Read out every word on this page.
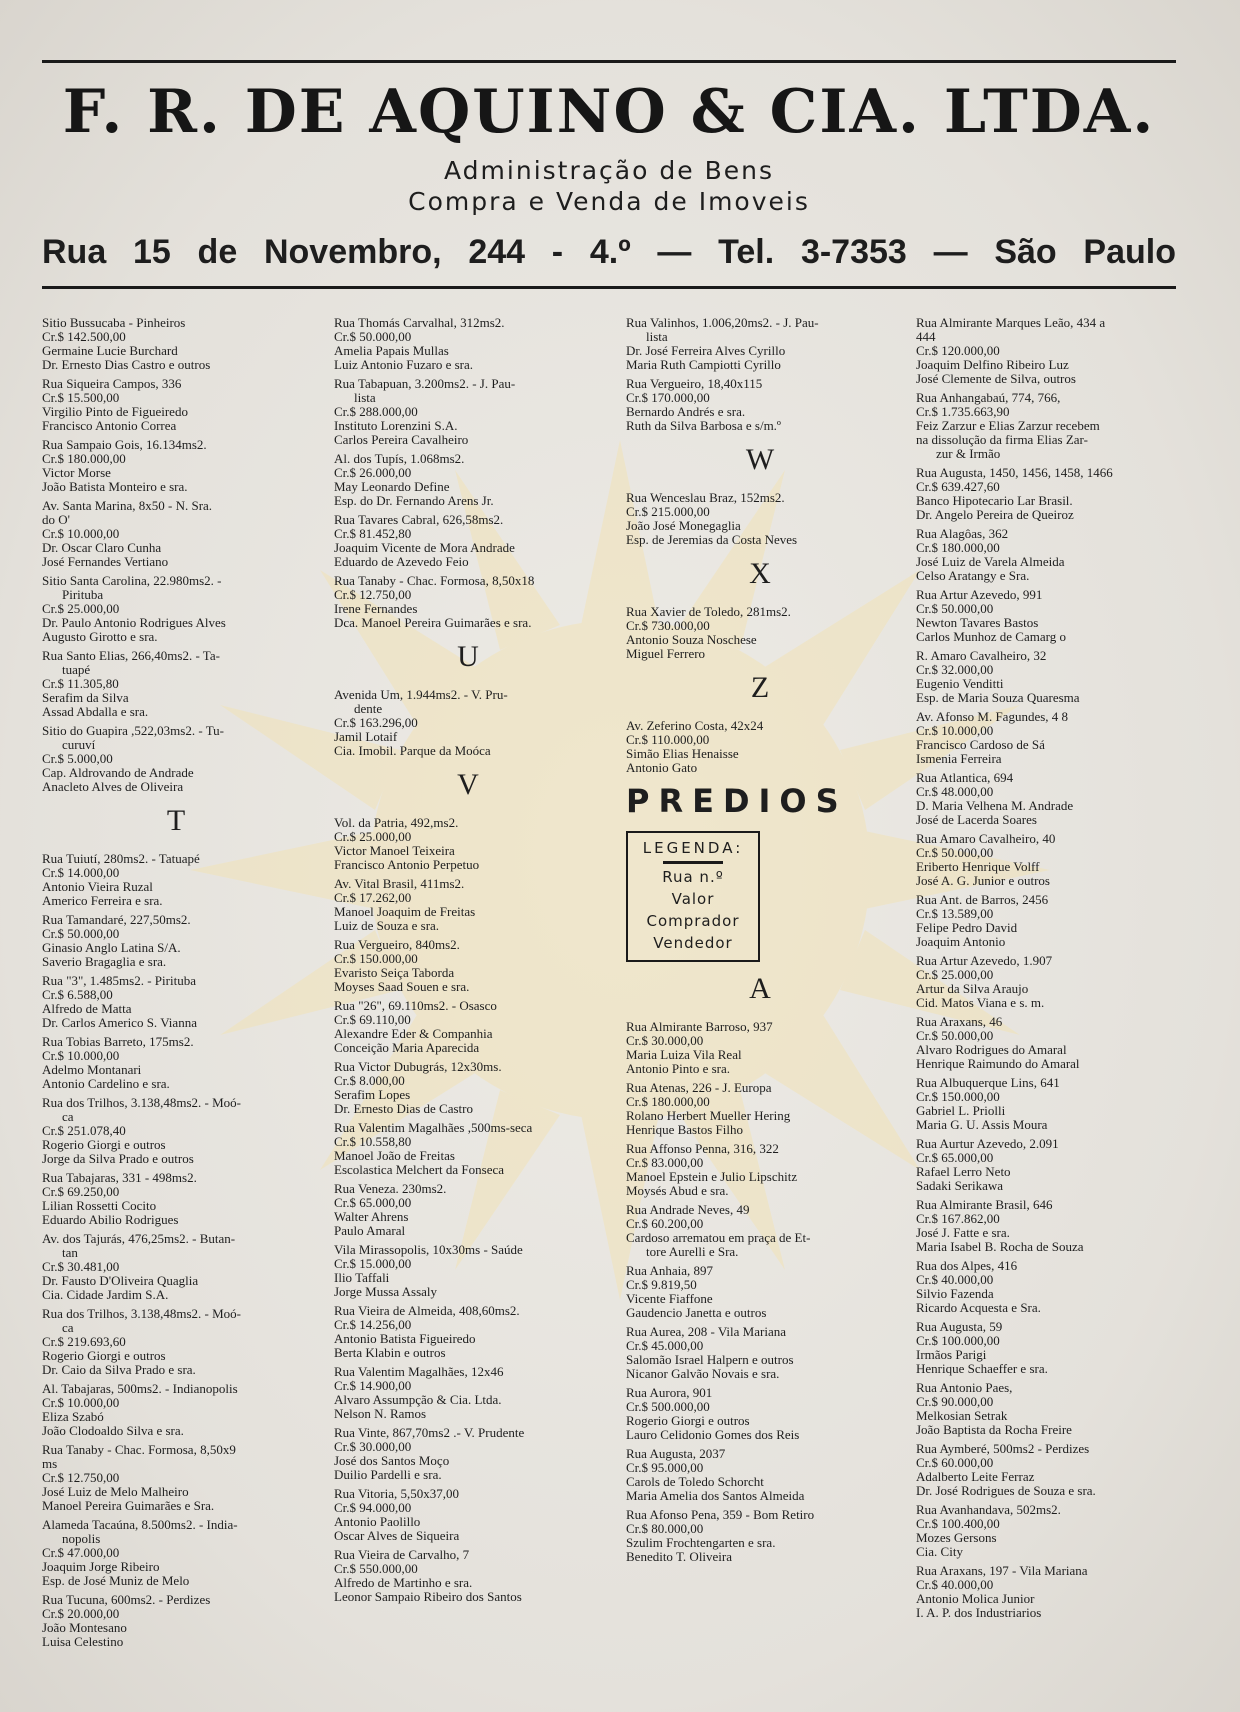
F. R. DE AQUINO & CIA. LTDA.
Administração de Bens
Compra e Venda de Imoveis
Rua 15 de Novembro, 244 - 4.º — Tel. 3-7353 — São Paulo
Sitio Bussucaba - Pinheiros
Cr.$ 142.500,00
Germaine Lucie Burchard
Dr. Ernesto Dias Castro e outros
Rua Siqueira Campos, 336
Cr.$ 15.500,00
Virgilio Pinto de Figueiredo
Francisco Antonio Correa
Rua Sampaio Gois, 16.134ms2.
Cr.$ 180.000,00
Victor Morse
João Batista Monteiro e sra.
Av. Santa Marina, 8x50 - N. Sra.
do O'
Cr.$ 10.000,00
Dr. Oscar Claro Cunha
José Fernandes Vertiano
Sitio Santa Carolina, 22.980ms2. -
Pirituba
Cr.$ 25.000,00
Dr. Paulo Antonio Rodrigues Alves
Augusto Girotto e sra.
Rua Santo Elias, 266,40ms2. - Ta-
tuapé
Cr.$ 11.305,80
Serafim da Silva
Assad Abdalla e sra.
Sitio do Guapira ,522,03ms2. - Tu-
curuví
Cr.$ 5.000,00
Cap. Aldrovando de Andrade
Anacleto Alves de Oliveira
T
Rua Tuiutí, 280ms2. - Tatuapé
Cr.$ 14.000,00
Antonio Vieira Ruzal
Americo Ferreira e sra.
Rua Tamandaré, 227,50ms2.
Cr.$ 50.000,00
Ginasio Anglo Latina S/A.
Saverio Bragaglia e sra.
Rua "3", 1.485ms2. - Pirituba
Cr.$ 6.588,00
Alfredo de Matta
Dr. Carlos Americo S. Vianna
Rua Tobias Barreto, 175ms2.
Cr.$ 10.000,00
Adelmo Montanari
Antonio Cardelino e sra.
Rua dos Trilhos, 3.138,48ms2. - Moó-
ca
Cr.$ 251.078,40
Rogerio Giorgi e outros
Jorge da Silva Prado e outros
Rua Tabajaras, 331 - 498ms2.
Cr.$ 69.250,00
Lilian Rossetti Cocito
Eduardo Abilio Rodrigues
Av. dos Tajurás, 476,25ms2. - Butan-
tan
Cr.$ 30.481,00
Dr. Fausto D'Oliveira Quaglia
Cia. Cidade Jardim S.A.
Rua dos Trilhos, 3.138,48ms2. - Moó-
ca
Cr.$ 219.693,60
Rogerio Giorgi e outros
Dr. Caio da Silva Prado e sra.
Al. Tabajaras, 500ms2. - Indianopolis
Cr.$ 10.000,00
Eliza Szabó
João Clodoaldo Silva e sra.
Rua Tanaby - Chac. Formosa, 8,50x9
ms
Cr.$ 12.750,00
José Luiz de Melo Malheiro
Manoel Pereira Guimarães e Sra.
Alameda Tacaúna, 8.500ms2. - India-
nopolis
Cr.$ 47.000,00
Joaquim Jorge Ribeiro
Esp. de José Muniz de Melo
Rua Tucuna, 600ms2. - Perdizes
Cr.$ 20.000,00
João Montesano
Luisa Celestino
Rua Thomás Carvalhal, 312ms2.
Cr.$ 50.000,00
Amelia Papais Mullas
Luiz Antonio Fuzaro e sra.
Rua Tabapuan, 3.200ms2. - J. Pau-
lista
Cr.$ 288.000,00
Instituto Lorenzini S.A.
Carlos Pereira Cavalheiro
Al. dos Tupís, 1.068ms2.
Cr.$ 26.000,00
May Leonardo Define
Esp. do Dr. Fernando Arens Jr.
Rua Tavares Cabral, 626,58ms2.
Cr.$ 81.452,80
Joaquim Vicente de Mora Andrade
Eduardo de Azevedo Feio
Rua Tanaby - Chac. Formosa, 8,50x18
Cr.$ 12.750,00
Irene Fernandes
Dca. Manoel Pereira Guimarães e sra.
U
Avenida Um, 1.944ms2. - V. Pru-
dente
Cr.$ 163.296,00
Jamil Lotaif
Cia. Imobil. Parque da Moóca
V
Vol. da Patria, 492,ms2.
Cr.$ 25.000,00
Victor Manoel Teixeira
Francisco Antonio Perpetuo
Av. Vital Brasil, 411ms2.
Cr.$ 17.262,00
Manoel Joaquim de Freitas
Luiz de Souza e sra.
Rua Vergueiro, 840ms2.
Cr.$ 150.000,00
Evaristo Seiça Taborda
Moyses Saad Souen e sra.
Rua "26", 69.110ms2. - Osasco
Cr.$ 69.110,00
Alexandre Eder & Companhia
Conceição Maria Aparecida
Rua Victor Dubugrás, 12x30ms.
Cr.$ 8.000,00
Serafim Lopes
Dr. Ernesto Dias de Castro
Rua Valentim Magalhães ,500ms-seca
Cr.$ 10.558,80
Manoel João de Freitas
Escolastica Melchert da Fonseca
Rua Veneza. 230ms2.
Cr.$ 65.000,00
Walter Ahrens
Paulo Amaral
Vila Mirassopolis, 10x30ms - Saúde
Cr.$ 15.000,00
Ilio Taffali
Jorge Mussa Assaly
Rua Vieira de Almeida, 408,60ms2.
Cr.$ 14.256,00
Antonio Batista Figueiredo
Berta Klabin e outros
Rua Valentim Magalhães, 12x46
Cr.$ 14.900,00
Alvaro Assumpção & Cia. Ltda.
Nelson N. Ramos
Rua Vinte, 867,70ms2 .- V. Prudente
Cr.$ 30.000,00
José dos Santos Moço
Duilio Pardelli e sra.
Rua Vitoria, 5,50x37,00
Cr.$ 94.000,00
Antonio Paolillo
Oscar Alves de Siqueira
Rua Vieira de Carvalho, 7
Cr.$ 550.000,00
Alfredo de Martinho e sra.
Leonor Sampaio Ribeiro dos Santos
Rua Valinhos, 1.006,20ms2. - J. Pau-
lista
Dr. José Ferreira Alves Cyrillo
Maria Ruth Campiotti Cyrillo
Rua Vergueiro, 18,40x115
Cr.$ 170.000,00
Bernardo Andrés e sra.
Ruth da Silva Barbosa e s/m.º
W
Rua Wenceslau Braz, 152ms2.
Cr.$ 215.000,00
João José Monegaglia
Esp. de Jeremias da Costa Neves
X
Rua Xavier de Toledo, 281ms2.
Cr.$ 730.000,00
Antonio Souza Noschese
Miguel Ferrero
Z
Av. Zeferino Costa, 42x24
Cr.$ 110.000,00
Simão Elias Henaisse
Antonio Gato
PREDIOS
LEGENDA:
Rua n.º
Valor
Comprador
Vendedor
A
Rua Almirante Barroso, 937
Cr.$ 30.000,00
Maria Luiza Vila Real
Antonio Pinto e sra.
Rua Atenas, 226 - J. Europa
Cr.$ 180.000,00
Rolano Herbert Mueller Hering
Henrique Bastos Filho
Rua Affonso Penna, 316, 322
Cr.$ 83.000,00
Manoel Epstein e Julio Lipschitz
Moysés Abud e sra.
Rua Andrade Neves, 49
Cr.$ 60.200,00
Cardoso arrematou em praça de Et-
tore Aurelli e Sra.
Rua Anhaia, 897
Cr.$ 9.819,50
Vicente Fiaffone
Gaudencio Janetta e outros
Rua Aurea, 208 - Vila Mariana
Cr.$ 45.000,00
Salomão Israel Halpern e outros
Nicanor Galvão Novais e sra.
Rua Aurora, 901
Cr.$ 500.000,00
Rogerio Giorgi e outros
Lauro Celidonio Gomes dos Reis
Rua Augusta, 2037
Cr.$ 95.000,00
Carols de Toledo Schorcht
Maria Amelia dos Santos Almeida
Rua Afonso Pena, 359 - Bom Retiro
Cr.$ 80.000,00
Szulim Frochtengarten e sra.
Benedito T. Oliveira
Rua Almirante Marques Leão, 434 a
444
Cr.$ 120.000,00
Joaquim Delfino Ribeiro Luz
José Clemente de Silva, outros
Rua Anhangabaú, 774, 766,
Cr.$ 1.735.663,90
Feiz Zarzur e Elias Zarzur recebem
na dissolução da firma Elias Zar-
zur & Irmão
Rua Augusta, 1450, 1456, 1458, 1466
Cr.$ 639.427,60
Banco Hipotecario Lar Brasil.
Dr. Angelo Pereira de Queiroz
Rua Alagôas, 362
Cr.$ 180.000,00
José Luiz de Varela Almeida
Celso Aratangy e Sra.
Rua Artur Azevedo, 991
Cr.$ 50.000,00
Newton Tavares Bastos
Carlos Munhoz de Camarg o
R. Amaro Cavalheiro, 32
Cr.$ 32.000,00
Eugenio Venditti
Esp. de Maria Souza Quaresma
Av. Afonso M. Fagundes, 4 8
Cr.$ 10.000,00
Francisco Cardoso de Sá
Ismenia Ferreira
Rua Atlantica, 694
Cr.$ 48.000,00
D. Maria Velhena M. Andrade
José de Lacerda Soares
Rua Amaro Cavalheiro, 40
Cr.$ 50.000,00
Eriberto Henrique Volff
José A. G. Junior e outros
Rua Ant. de Barros, 2456
Cr.$ 13.589,00
Felipe Pedro David
Joaquim Antonio
Rua Artur Azevedo, 1.907
Cr.$ 25.000,00
Artur da Silva Araujo
Cid. Matos Viana e s. m.
Rua Araxans, 46
Cr.$ 50.000,00
Alvaro Rodrigues do Amaral
Henrique Raimundo do Amaral
Rua Albuquerque Lins, 641
Cr.$ 150.000,00
Gabriel L. Priolli
Maria G. U. Assis Moura
Rua Aurtur Azevedo, 2.091
Cr.$ 65.000,00
Rafael Lerro Neto
Sadaki Serikawa
Rua Almirante Brasil, 646
Cr.$ 167.862,00
José J. Fatte e sra.
Maria Isabel B. Rocha de Souza
Rua dos Alpes, 416
Cr.$ 40.000,00
Silvio Fazenda
Ricardo Acquesta e Sra.
Rua Augusta, 59
Cr.$ 100.000,00
Irmãos Parigi
Henrique Schaeffer e sra.
Rua Antonio Paes,
Cr.$ 90.000,00
Melkosian Setrak
João Baptista da Rocha Freire
Rua Aymberé, 500ms2 - Perdizes
Cr.$ 60.000,00
Adalberto Leite Ferraz
Dr. José Rodrigues de Souza e sra.
Rua Avanhandava, 502ms2.
Cr.$ 100.400,00
Mozes Gersons
Cia. City
Rua Araxans, 197 - Vila Mariana
Cr.$ 40.000,00
Antonio Molica Junior
I. A. P. dos Industriarios
